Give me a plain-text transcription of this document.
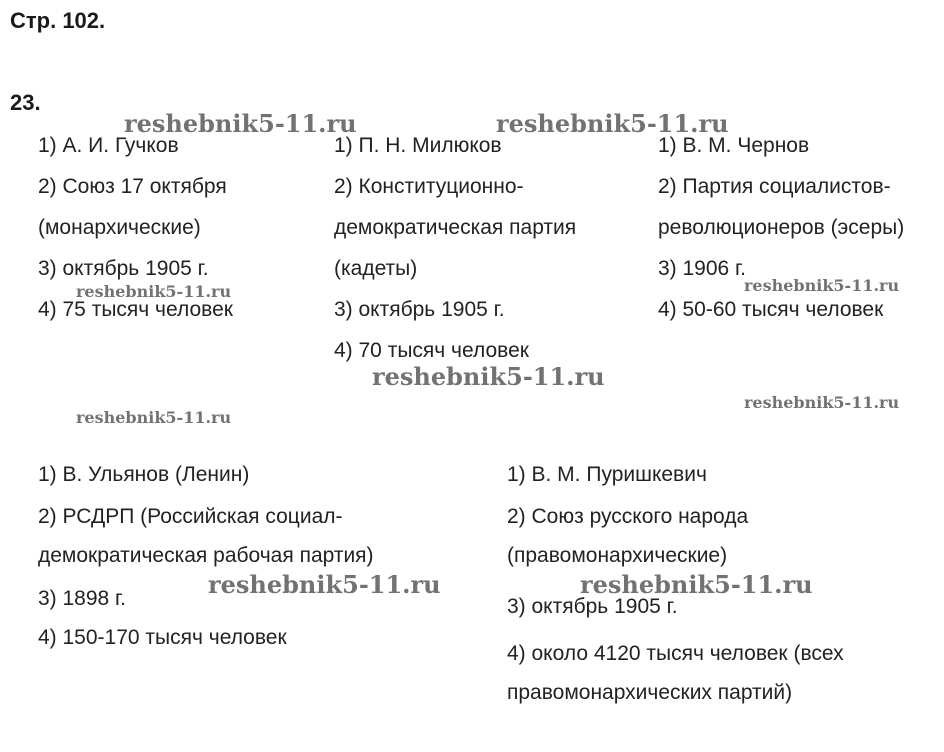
Стр. 102.
23.
1) А. И. Гучков
2) Союз 17 октября
(монархические)
3) октябрь 1905 г.
4) 75 тысяч человек
1) П. Н. Милюков
2) Конституционно-
демократическая партия
(кадеты)
3) октябрь 1905 г.
4) 70 тысяч человек
1) В. М. Чернов
2) Партия социалистов-
революционеров (эсеры)
3) 1906 г.
4) 50-60 тысяч человек
1) В. Ульянов (Ленин)
2) РСДРП (Российская социал-
демократическая рабочая партия)
3) 1898 г.
4) 150-170 тысяч человек
1) В. М. Пуришкевич
2) Союз русского народа
(правомонархические)
3) октябрь 1905 г.
4) около 4120 тысяч человек (всех
правомонархических партий)
reshebnik5-11.ru	reshebnik5-11.ru
reshebnik5-11.ru	reshebnik5-11.ru
reshebnik5-11.ru
reshebnik5-11.ru
reshebnik5-11.ru
reshebnik5-11.ru	reshebnik5-11.ru
